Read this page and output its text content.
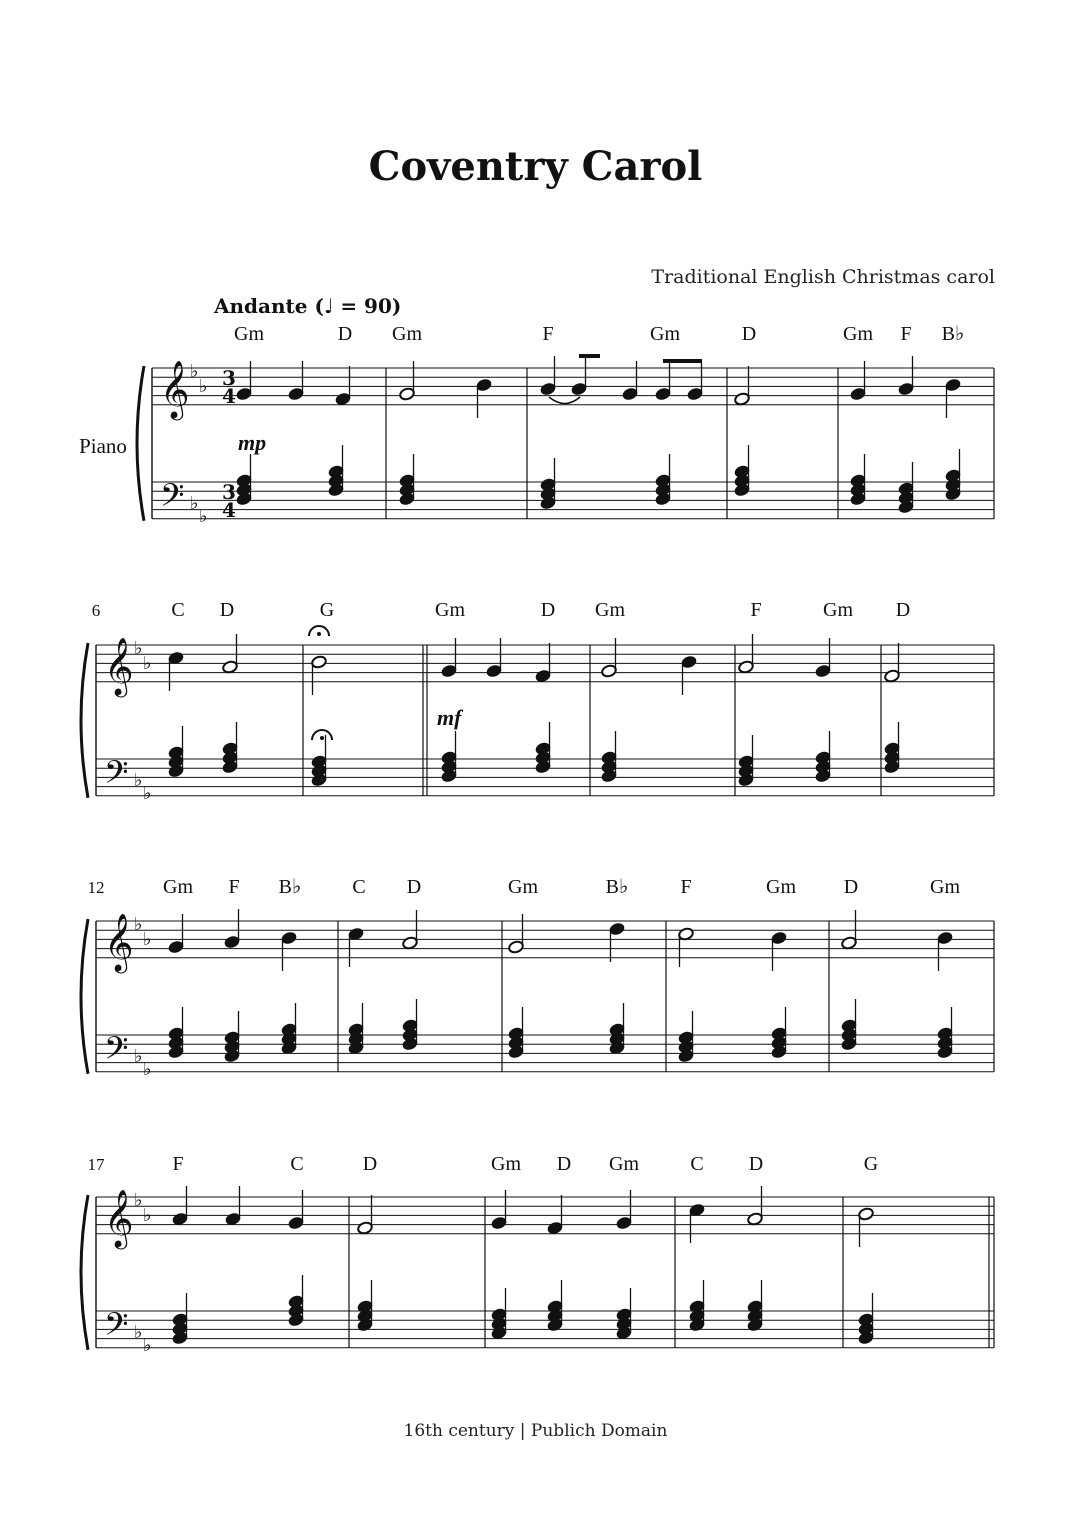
Coventry Carol
Traditional English Christmas carol
Andante (♩ = 90)
16th century | Publich Domain
𝄞
𝄢
♭
♭
♭
♭
3
4
3
4
Gm	D Gm	F	Gm	D	Gm F B♭
𝄞
𝄢
♭
♭
♭
♭
C D	G	Gm	D Gm	F	Gm D
6
𝄞
𝄢
♭
♭
♭
♭
Gm F B♭	C D	Gm	B♭	F	Gm D	Gm
12
𝄞
𝄢
♭
♭
♭
♭
F	C	D	Gm D Gm	C D	G
17
mp
mf
Piano
